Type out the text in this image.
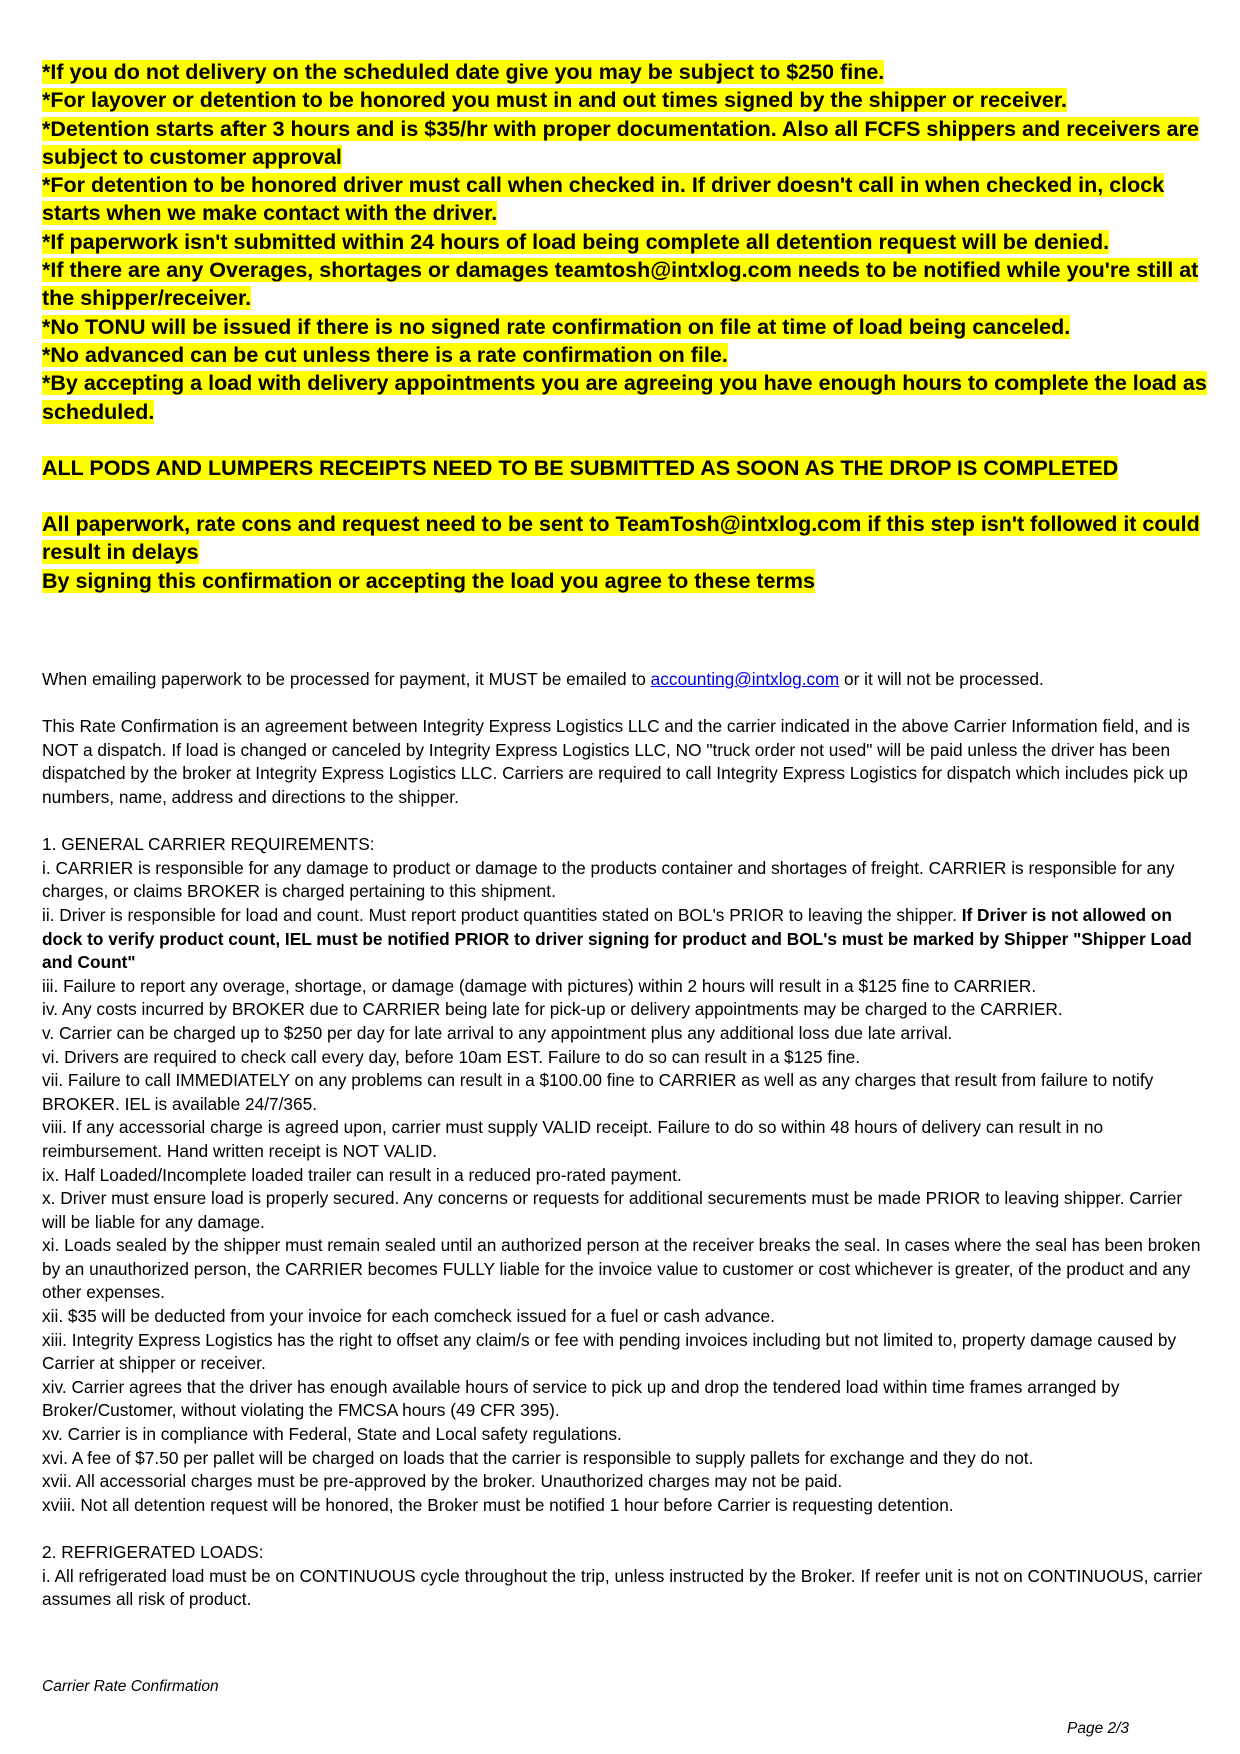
*If you do not delivery on the scheduled date give you may be subject to $250 fine.

*For layover or detention to be honored you must in and out times signed by the shipper or receiver.

*Detention starts after 3 hours and is $35/hr with proper documentation. Also all FCFS shippers and receivers are subject to customer approval

*For detention to be honored driver must call when checked in. If driver doesn't call in when checked in, clock starts when we make contact with the driver.

*If paperwork isn't submitted within 24 hours of load being complete all detention request will be denied.

*If there are any Overages, shortages or damages teamtosh@intxlog.com needs to be notified while you're still at the shipper/receiver.

*No TONU will be issued if there is no signed rate confirmation on file at time of load being canceled.

*No advanced can be cut unless there is a rate confirmation on file.

*By accepting a load with delivery appointments you are agreeing you have enough hours to complete the load as scheduled.

ALL PODS AND LUMPERS RECEIPTS NEED TO BE SUBMITTED AS SOON AS THE DROP IS COMPLETED

All paperwork, rate cons and request need to be sent to TeamTosh@intxlog.com if this step isn't followed it could result in delays

By signing this confirmation or accepting the load you agree to these terms

When emailing paperwork to be processed for payment, it MUST be emailed to accounting@intxlog.com or it will not be processed.

This Rate Confirmation is an agreement between Integrity Express Logistics LLC and the carrier indicated in the above Carrier Information field, and is NOT a dispatch. If load is changed or canceled by Integrity Express Logistics LLC, NO "truck order not used" will be paid unless the driver has been dispatched by the broker at Integrity Express Logistics LLC. Carriers are required to call Integrity Express Logistics for dispatch which includes pick up numbers, name, address and directions to the shipper.

1. GENERAL CARRIER REQUIREMENTS:
i. CARRIER is responsible for any damage to product or damage to the products container and shortages of freight. CARRIER is responsible for any charges, or claims BROKER is charged pertaining to this shipment.
ii. Driver is responsible for load and count. Must report product quantities stated on BOL's PRIOR to leaving the shipper. If Driver is not allowed on dock to verify product count, IEL must be notified PRIOR to driver signing for product and BOL's must be marked by Shipper "Shipper Load and Count"
iii. Failure to report any overage, shortage, or damage (damage with pictures) within 2 hours will result in a $125 fine to CARRIER.
iv. Any costs incurred by BROKER due to CARRIER being late for pick-up or delivery appointments may be charged to the CARRIER.
v. Carrier can be charged up to $250 per day for late arrival to any appointment plus any additional loss due late arrival.
vi. Drivers are required to check call every day, before 10am EST. Failure to do so can result in a $125 fine.
vii. Failure to call IMMEDIATELY on any problems can result in a $100.00 fine to CARRIER as well as any charges that result from failure to notify BROKER. IEL is available 24/7/365.
viii. If any accessorial charge is agreed upon, carrier must supply VALID receipt. Failure to do so within 48 hours of delivery can result in no reimbursement. Hand written receipt is NOT VALID.
ix. Half Loaded/Incomplete loaded trailer can result in a reduced pro-rated payment.
x. Driver must ensure load is properly secured. Any concerns or requests for additional securements must be made PRIOR to leaving shipper. Carrier will be liable for any damage.
xi. Loads sealed by the shipper must remain sealed until an authorized person at the receiver breaks the seal. In cases where the seal has been broken by an unauthorized person, the CARRIER becomes FULLY liable for the invoice value to customer or cost whichever is greater, of the product and any other expenses.
xii. $35 will be deducted from your invoice for each comcheck issued for a fuel or cash advance.
xiii. Integrity Express Logistics has the right to offset any claim/s or fee with pending invoices including but not limited to, property damage caused by Carrier at shipper or receiver.
xiv. Carrier agrees that the driver has enough available hours of service to pick up and drop the tendered load within time frames arranged by Broker/Customer, without violating the FMCSA hours (49 CFR 395).
xv. Carrier is in compliance with Federal, State and Local safety regulations.
xvi. A fee of $7.50 per pallet will be charged on loads that the carrier is responsible to supply pallets for exchange and they do not.
xvii. All accessorial charges must be pre-approved by the broker. Unauthorized charges may not be paid.
xviii. Not all detention request will be honored, the Broker must be notified 1 hour before Carrier is requesting detention.
2. REFRIGERATED LOADS:
i. All refrigerated load must be on CONTINUOUS cycle throughout the trip, unless instructed by the Broker. If reefer unit is not on CONTINUOUS, carrier assumes all risk of product.
Carrier Rate Confirmation
Page 2/3
